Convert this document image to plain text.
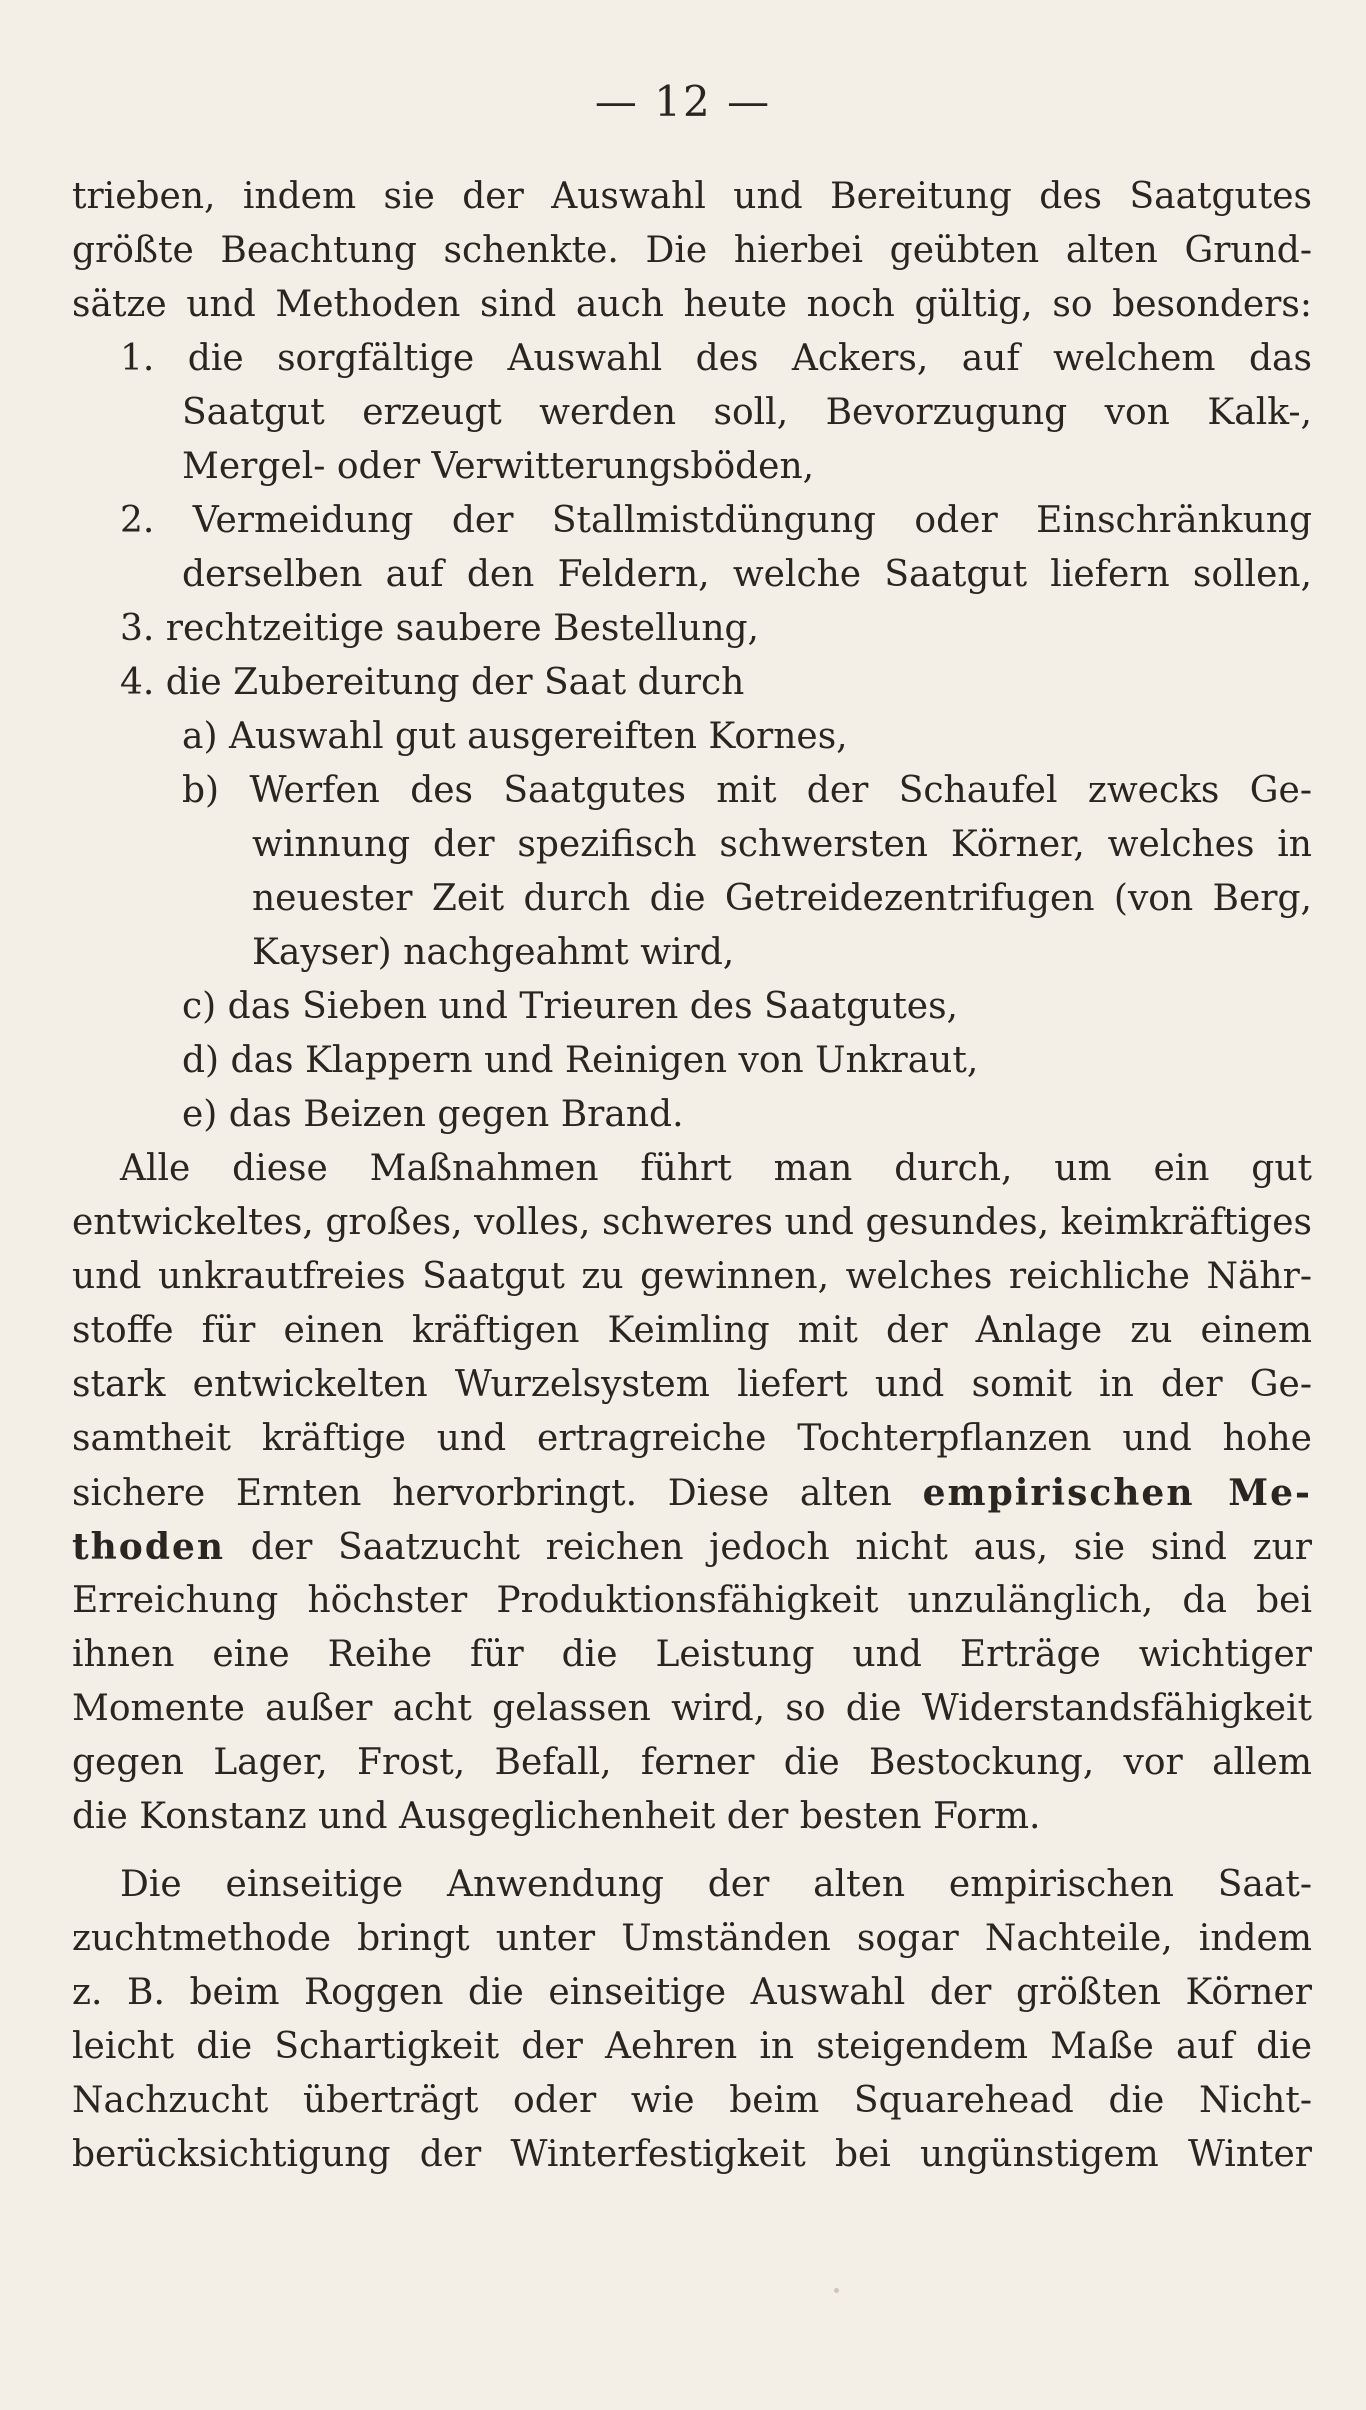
— 12 —
trieben, indem sie der Auswahl und Bereitung des Saatgutes
größte Beachtung schenkte. Die hierbei geübten alten Grund-
sätze und Methoden sind auch heute noch gültig, so besonders:
1. die sorgfältige Auswahl des Ackers, auf welchem das
Saatgut erzeugt werden soll, Bevorzugung von Kalk-,
Mergel- oder Verwitterungsböden,
2. Vermeidung der Stallmistdüngung oder Einschränkung
derselben auf den Feldern, welche Saatgut liefern sollen,
3. rechtzeitige saubere Bestellung,
4. die Zubereitung der Saat durch
a) Auswahl gut ausgereiften Kornes,
b) Werfen des Saatgutes mit der Schaufel zwecks Ge-
winnung der spezifisch schwersten Körner, welches in
neuester Zeit durch die Getreidezentrifugen (von Berg,
Kayser) nachgeahmt wird,
c) das Sieben und Trieuren des Saatgutes,
d) das Klappern und Reinigen von Unkraut,
e) das Beizen gegen Brand.
Alle diese Maßnahmen führt man durch, um ein gut
entwickeltes, großes, volles, schweres und gesundes, keimkräftiges
und unkrautfreies Saatgut zu gewinnen, welches reichliche Nähr-
stoffe für einen kräftigen Keimling mit der Anlage zu einem
stark entwickelten Wurzelsystem liefert und somit in der Ge-
samtheit kräftige und ertragreiche Tochterpflanzen und hohe
sichere Ernten hervorbringt. Diese alten empirischen Me-
thoden der Saatzucht reichen jedoch nicht aus, sie sind zur
Erreichung höchster Produktionsfähigkeit unzulänglich, da bei
ihnen eine Reihe für die Leistung und Erträge wichtiger
Momente außer acht gelassen wird, so die Widerstandsfähigkeit
gegen Lager, Frost, Befall, ferner die Bestockung, vor allem
die Konstanz und Ausgeglichenheit der besten Form.
Die einseitige Anwendung der alten empirischen Saat-
zuchtmethode bringt unter Umständen sogar Nachteile, indem
z. B. beim Roggen die einseitige Auswahl der größten Körner
leicht die Schartigkeit der Aehren in steigendem Maße auf die
Nachzucht überträgt oder wie beim Squarehead die Nicht-
berücksichtigung der Winterfestigkeit bei ungünstigem Winter
